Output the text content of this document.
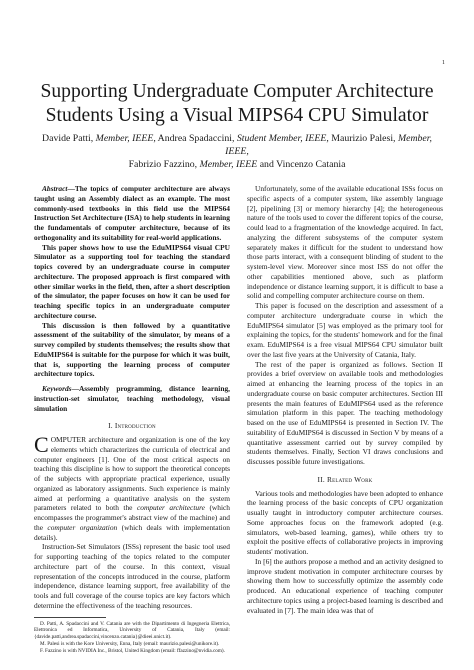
1
Supporting Undergraduate Computer Architecture Students Using a Visual MIPS64 CPU Simulator
Davide Patti, Member, IEEE, Andrea Spadaccini, Student Member, IEEE, Maurizio Palesi, Member, IEEE,
Fabrizio Fazzino, Member, IEEE and Vincenzo Catania

Abstract—The topics of computer architecture are always taught using an Assembly dialect as an example. The most commonly-used textbooks in this field use the MIPS64 Instruction Set Architecture (ISA) to help students in learning the fundamentals of computer architecture, because of its orthogonality and its suitability for real-world applications.

This paper shows how to use the EduMIPS64 visual CPU Simulator as a supporting tool for teaching the standard topics covered by an undergraduate course in computer architecture. The proposed approach is first compared with other similar works in the field, then, after a short description of the simulator, the paper focuses on how it can be used for teaching specific topics in an undergraduate computer architecture course.

This discussion is then followed by a quantitative assessment of the suitability of the simulator, by means of a survey compiled by students themselves; the results show that EduMIPS64 is suitable for the purpose for which it was built, that is, supporting the learning process of computer architecture topics.

Keywords—Assembly programming, distance learning, instruction-set simulator, teaching methodology, visual simulation

I. Introduction

COMPUTER architecture and organization is one of the key elements which characterizes the curricula of electrical and computer engineers [1]. One of the most critical aspects on teaching this discipline is how to support the theoretical concepts of the subjects with appropriate practical experience, usually organized as laboratory assignments. Such experience is mainly aimed at performing a quantitative analysis on the system parameters related to both the computer architecture (which encompasses the programmer's abstract view of the machine) and the computer organization (which deals with implementation details).

Instruction-Set Simulators (ISSs) represent the basic tool used for supporting teaching of the topics related to the computer architecture part of the course. In this context, visual representation of the concepts introduced in the course, platform independence, distance learning support, free availability of the tools and full coverage of the course topics are key factors which determine the effectiveness of the teaching resources.

D. Patti, A. Spadaccini and V. Catania are with the Dipartimento di Ingegneria Elettrica, Elettronica ed Informatica, University of Catania, Italy (email: {davide.patti,andrea.spadaccini,vincenzo.catania}@dieei.unict.it).

M. Palesi is with the Kore University, Enna, Italy (email: maurizio.palesi@unikore.it).

F. Fazzino is with NVIDIA Inc., Bristol, United Kingdom (email: ffazzino@nvidia.com).

Unfortunately, some of the available educational ISSs focus on specific aspects of a computer system, like assembly language [2], pipelining [3] or memory hierarchy [4]; the heterogeneous nature of the tools used to cover the different topics of the course, could lead to a fragmentation of the knowledge acquired. In fact, analyzing the different subsystems of the computer system separately makes it difficult for the student to understand how those parts interact, with a consequent blinding of student to the system-level view. Moreover since most ISS do not offer the other capabilities mentioned above, such as platform independence or distance learning support, it is difficult to base a solid and compelling computer architecture course on them.

This paper is focused on the description and assessment of a computer architecture undergraduate course in which the EduMIPS64 simulator [5] was employed as the primary tool for explaining the topics, for the students' homework and for the final exam. EduMIPS64 is a free visual MIPS64 CPU simulator built over the last five years at the University of Catania, Italy.

The rest of the paper is organized as follows. Section II provides a brief overview on available tools and methodologies aimed at enhancing the learning process of the topics in an undergraduate course on basic computer architectures. Section III presents the main features of EduMIPS64 used as the reference simulation platform in this paper. The teaching methodology based on the use of EduMIPS64 is presented in Section IV. The suitability of EduMIPS64 is discussed in Section V by means of a quantitative assessment carried out by survey compiled by students themselves. Finally, Section VI draws conclusions and discusses possible future investigations.

II. Related Work

Various tools and methodologies have been adopted to enhance the learning process of the basic concepts of CPU organization usually taught in introductory computer architecture courses. Some approaches focus on the framework adopted (e.g. simulators, web-based learning, games), while others try to exploit the positive effects of collaborative projects in improving students' motivation.

In [6] the authors propose a method and an activity designed to improve student motivation in computer architecture courses by showing them how to successfully optimize the assembly code produced. An educational experience of teaching computer architecture topics using a project-based learning is described and evaluated in [7]. The main idea was that of
